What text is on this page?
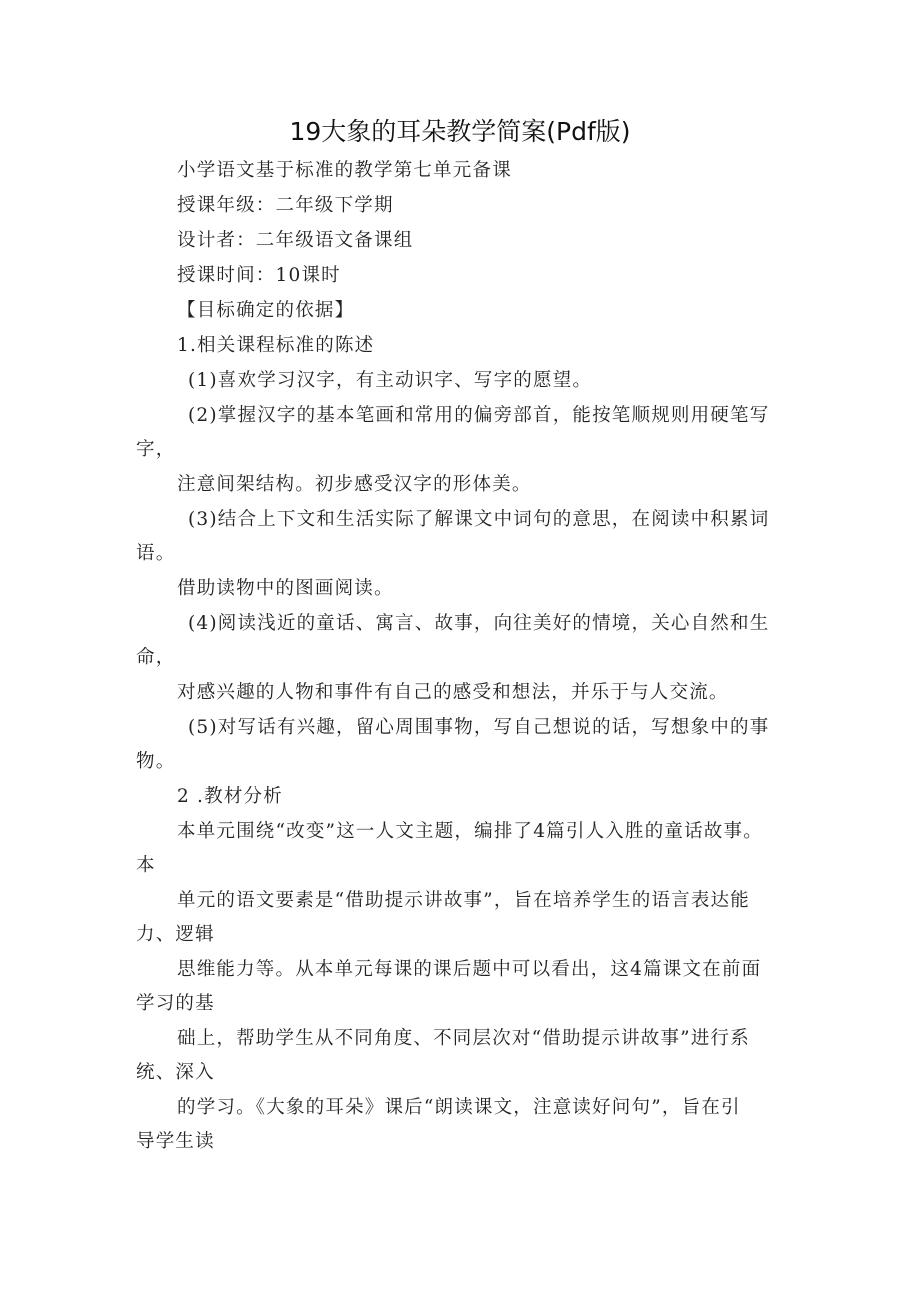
19大象的耳朵教学简案(Pdf版)
小学语文基于标准的教学第七单元备课
授课年级：二年级下学期
设计者：二年级语文备课组
授课时间：10课时
【目标确定的依据】
1.相关课程标准的陈述
(1)喜欢学习汉字，有主动识字、写字的愿望。
(2)掌握汉字的基本笔画和常用的偏旁部首，能按笔顺规则用硬笔写
字，
注意间架结构。初步感受汉字的形体美。
(3)结合上下文和生活实际了解课文中词句的意思，在阅读中积累词
语。
借助读物中的图画阅读。
(4)阅读浅近的童话、寓言、故事，向往美好的情境，关心自然和生
命，
对感兴趣的人物和事件有自己的感受和想法，并乐于与人交流。
(5)对写话有兴趣，留心周围事物，写自己想说的话，写想象中的事
物。
2 .教材分析
本单元围绕“改变”这一人文主题，编排了4篇引人入胜的童话故事。
本
单元的语文要素是“借助提示讲故事”，旨在培养学生的语言表达能
力、逻辑
思维能力等。从本单元每课的课后题中可以看出，这4篇课文在前面
学习的基
础上，帮助学生从不同角度、不同层次对“借助提示讲故事”进行系
统、深入
的学习。《大象的耳朵》课后“朗读课文，注意读好问句”，旨在引
导学生读
